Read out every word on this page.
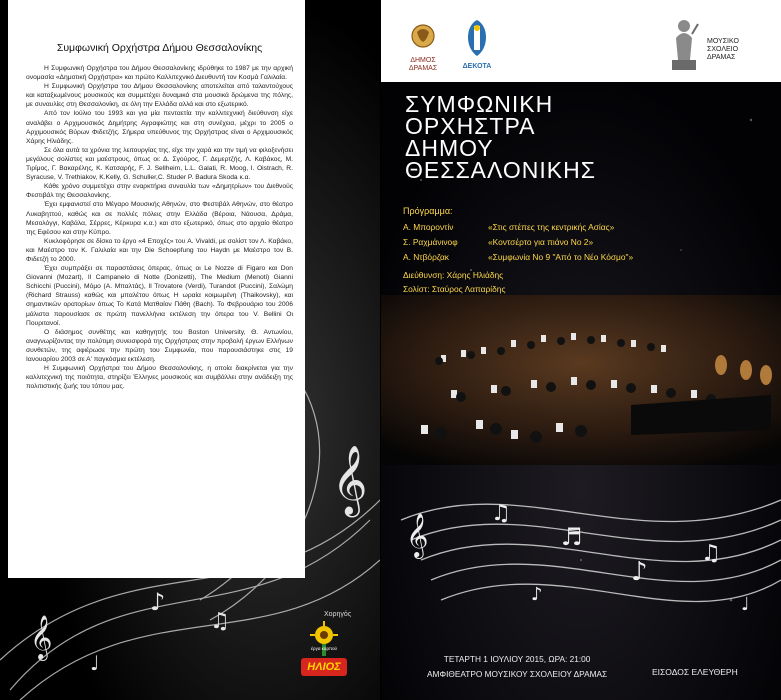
𝄞
𝄞
♪
♫
♩
Συμφωνική Ορχήστρα Δήμου Θεσσαλονίκης

Η Συμφωνική Ορχήστρα του Δήμου Θεσσαλονίκης ιδρύθηκε το 1987 με την αρχική ονομασία «Δημοτική Ορχήστρα» και πρώτο Καλλιτεχνικό Διευθυντή τον Κοσμά Γαλιλαία.

Η Συμφωνική Ορχήστρα του Δήμου Θεσσαλονίκης αποτελείται από ταλαντούχους και καταξιωμένους μουσικούς και συμμετέχει δυναμικά στα μουσικά δρώμενα της πόλης, με συναυλίες στη Θεσσαλονίκη, σε όλη την Ελλάδα αλλά και στο εξωτερικό.

Από τον Ιούλιο του 1993 και για μία πενταετία την καλλιτεχνική διεύθυνση είχε αναλάβει ο Αρχιμουσικός Δημήτρης Αγραφιώτης και στη συνέχεια, μέχρι το 2005 ο Αρχιμουσικός Βύρων Φιδετζής. Σήμερα υπεύθυνος της Ορχήστρας είναι ο Αρχιμουσικός Χάρης Ηλιάδης.

Σε όλα αυτά τα χρόνια της λειτουργίας της, είχε την χαρά και την τιμή να φιλοξενήσει μεγάλους σολίστες και μαέστρους, όπως οι: Δ. Σγούρος, Γ. Δεμερτζής, Λ. Καβάκος, Μ. Τιρίμος, Γ. Βακαρέλης, Κ. Κατσαρής, F. J. Sellheim, L.L. Galati, R. Moog, I. Oistrach, R. Syracuse, V. Trethiakov, K.Kelly, G. Schuller,C. Studer P. Badura Skoda κ.α.

Κάθε χρόνο συμμετέχει στην εναρκτήρια συναυλία των «Δημητρίων» του Διεθνούς Φεστιβάλ της Θεσσαλονίκης.

Έχει εμφανιστεί στο Μέγαρο Μουσικής Αθηνών, στο Φεστιβάλ Αθηνών, στο θέατρο Λυκαβηττού, καθώς και σε πολλές πόλεις στην Ελλάδα (Βέροια, Νάουσα, Δράμα, Μεσολόγγι, Καβάλα, Σέρρες, Κέρκυρα κ.α.) και στο εξωτερικό, όπως στο αρχαίο θέατρο της Εφέσου και στην Κύπρο.

Κυκλοφόρησε σε δίσκο το έργο «4 Εποχές» του A. Vivaldi, με σολίστ τον Λ. Καβάκο, και Μαέστρο τον Κ. Γαλιλαία και την Die Schoepfung του Haydn με Μαέστρο τον Β. Φιδετζή το 2000.

Έχει συμπράξει σε παραστάσεις όπερας, όπως οι Le Nozze di Figaro και Don Giovanni (Mozart), Il Campanelo di Notte (Donizetti), The Medium (Menoti) Gianni Schicchi (Puccini), Μόμο (Α. Μπαλτάς), Il Trovatore (Verdi), Turandot (Puccini), Σαλώμη (Richard Strauss) καθώς και μπαλέτου όπως Η ωραία κοιμωμένη (Thaikovsky), και σημαντικών ορατορίων όπως Το Κατά Ματθαίον Πάθη (Bach). Το Φεβρουάριο του 2006 μάλιστα παρουσίασε σε πρώτη πανελλήνια εκτέλεση την όπερα του V. Bellini Οι Πουριτανοί.

Ο διάσημος συνθέτης και καθηγητής του Boston University, Θ. Αντωνίου, αναγνωρίζοντας την πολύτιμη συνεισφορά της Ορχήστρας στην προβολή έργων Ελλήνων συνθετών, της αφιέρωσε την πρώτη του Συμφωνία, που παρουσιάστηκε στις 19 Ιανουαρίου 2003 σε Α' παγκόσμια εκτέλεση.

Η Συμφωνική Ορχήστρα του Δήμου Θεσσαλονίκης, η οποία διακρίνεται για την καλλιτεχνική της ποιότητα, στηρίζει Έλληνες μουσικούς και συμβάλλει στην ανάδειξη της πολιτιστικής ζωής του τόπου μας.

Χορηγός
έργα καρπού
ΗΛΙΟΣ
𝄞	♫
♬
♪
♫
♩
♪
ΔΗΜΟΣ
ΔΡΑΜΑΣ	ΔΕΚΟΤΑ
ΜΟΥΣΙΚΟ
ΣΧΟΛΕΙΟ
ΔΡΑΜΑΣ
ΣΥΜΦΩΝΙΚΗ
ΟΡΧΗΣΤΡΑ
ΔΗΜΟΥ
ΘΕΣΣΑΛΟΝΙΚΗΣ
Πρόγραμμα:
Α. Μποροντίν	«Στις στέπες της κεντρικής Ασίας»
Σ. Ραχμάνινοφ	«Κοντσέρτο για πιάνο Νο 2»
Α. Ντβόρζακ	«Συμφωνία Νο 9 "Από το Νέο Κόσμο"»
Διεύθυνση: Χάρης Ηλιάδης
Σολίστ: Σταύρος Λαπαρίδης
ΤΕΤΑΡΤΗ 1 ΙΟΥΛΙΟΥ 2015, ΩΡΑ: 21:00
ΑΜΦΙΘΕΑΤΡΟ ΜΟΥΣΙΚΟΥ ΣΧΟΛΕΙΟΥ ΔΡΑΜΑΣ	ΕΙΣΟΔΟΣ ΕΛΕΥΘΕΡΗ
